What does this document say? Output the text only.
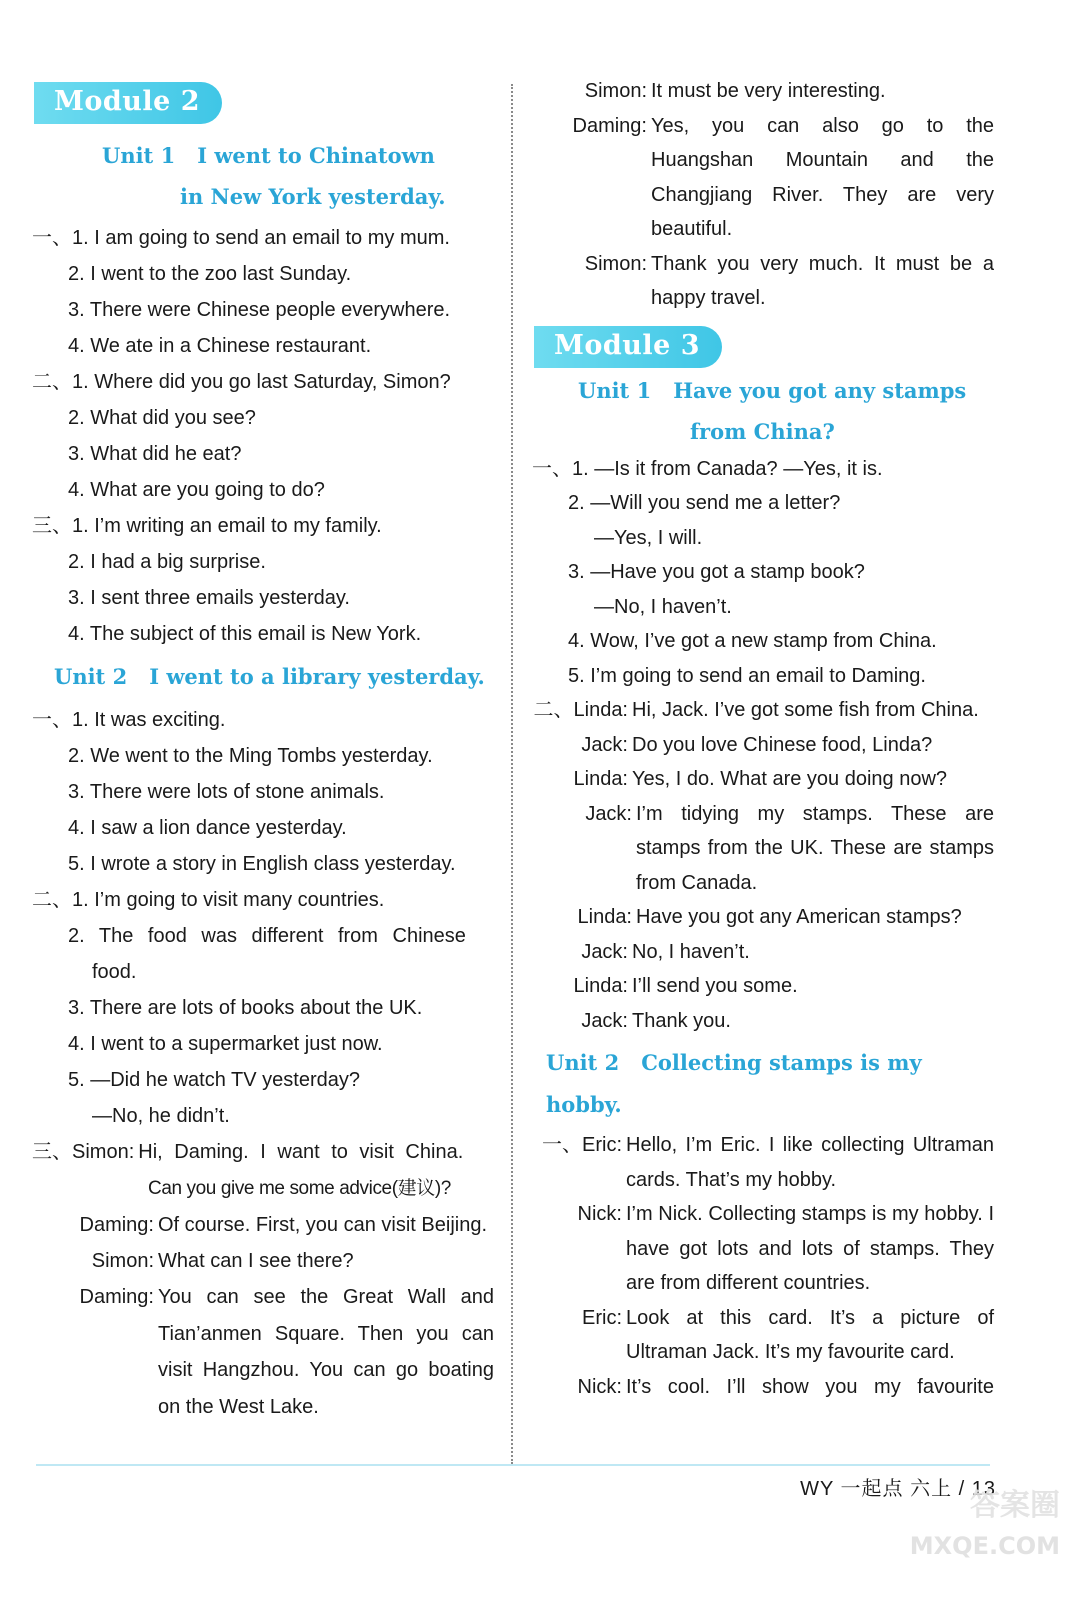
Module 2
Unit 1 I went to Chinatown
in New York yesterday.
一、1. I am going to send an email to my mum.
2. I went to the zoo last Sunday.
3. There were Chinese people everywhere.
4. We ate in a Chinese restaurant.
二、1. Where did you go last Saturday, Simon?
2. What did you see?
3. What did he eat?
4. What are you going to do?
三、1. I’m writing an email to my family.
2. I had a big surprise.
3. I sent three emails yesterday.
4. The subject of this email is New York.
Unit 2 I went to a library yesterday.
一、1. It was exciting.
2. We went to the Ming Tombs yesterday.
3. There were lots of stone animals.
4. I saw a lion dance yesterday.
5. I wrote a story in English class yesterday.
二、1. I’m going to visit many countries.
2. The food was different from Chinese
food.
3. There are lots of books about the UK.
4. I went to a supermarket just now.
5. —Did he watch TV yesterday?
—No, he didn’t.
三、Simon: Hi, Daming. I want to visit China.
Can you give me some advice(建议)?
Daming: Of course. First, you can visit Beijing.
Simon: What can I see there?
Daming: You can see the Great Wall and Tian’anmen Square. Then you can visit Hangzhou. You can go boating on the West Lake.
Simon: It must be very interesting.
Daming: Yes, you can also go to the Huangshan Mountain and the Changjiang River. They are very beautiful.
Simon: Thank you very much. It must be a happy travel.
Module 3
Unit 1 Have you got any stamps
from China?
一、 1. —Is it from Canada? —Yes, it is.
2. —Will you send me a letter?
—Yes, I will.
3. —Have you got a stamp book?
—No, I haven’t.
4. Wow, I’ve got a new stamp from China.
5. I’m going to send an email to Daming.
二、Linda: Hi, Jack. I’ve got some fish from China.
Jack: Do you love Chinese food, Linda?
Linda: Yes, I do. What are you doing now?
Jack: I’m tidying my stamps. These are stamps from the UK. These are stamps from Canada.
Linda: Have you got any American stamps?
Jack: No, I haven’t.
Linda: I’ll send you some.
Jack: Thank you.
Unit 2 Collecting stamps is my hobby.
一、Eric: Hello, I’m Eric. I like collecting Ultraman cards. That’s my hobby.
Nick: I’m Nick. Collecting stamps is my hobby. I have got lots and lots of stamps. They are from different countries.
Eric: Look at this card. It’s a picture of Ultraman Jack. It’s my favourite card.
Nick: It’s cool. I’ll show you my favourite
WY 一起点 六上 / 13
答案圈
MXQE.COM
